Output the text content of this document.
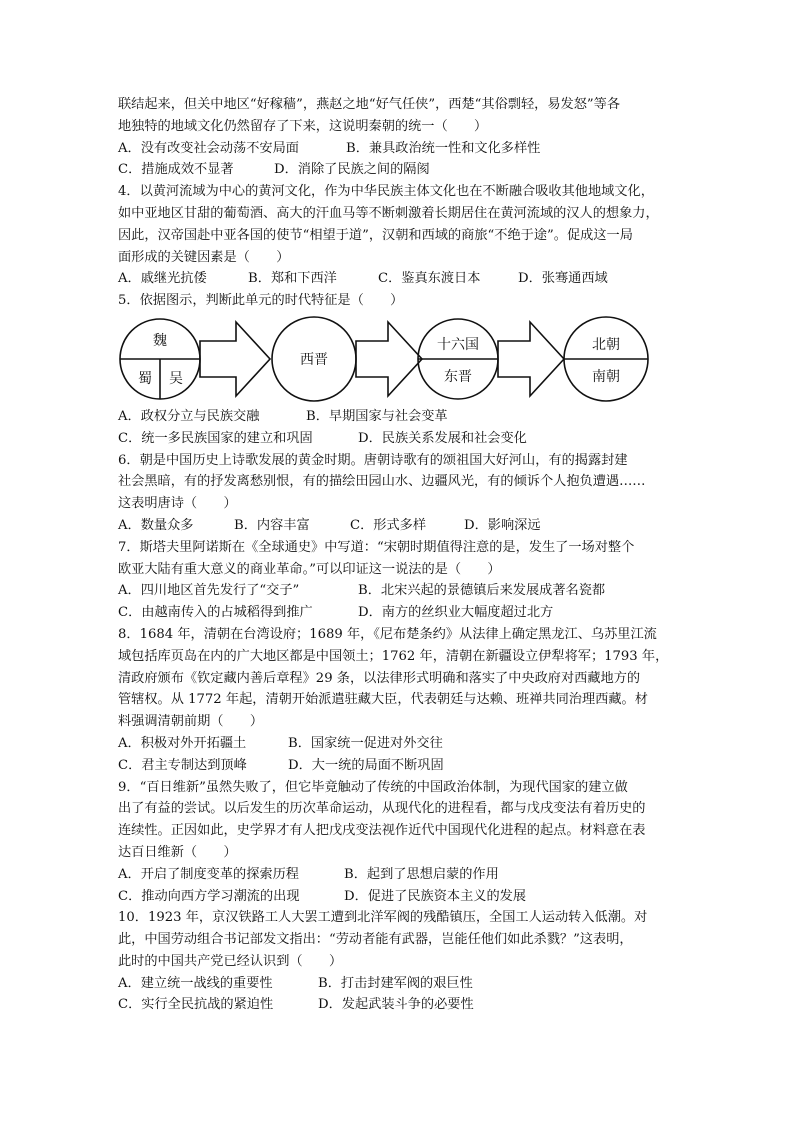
联结起来，但关中地区“好稼穑”，燕赵之地“好气任侠”，西楚“其俗剽轻，易发怒”等各
地独特的地域文化仍然留存了下来，这说明秦朝的统一（　　）
A．没有改变社会动荡不安局面	B．兼具政治统一性和文化多样性
C．措施成效不显著	D．消除了民族之间的隔阂
4．以黄河流域为中心的黄河文化，作为中华民族主体文化也在不断融合吸收其他地域文化，
如中亚地区甘甜的葡萄酒、高大的汗血马等不断刺激着长期居住在黄河流域的汉人的想象力，
因此，汉帝国赴中亚各国的使节“相望于道”，汉朝和西域的商旅“不绝于途”。促成这一局
面形成的关键因素是（　　）
A．戚继光抗倭	B．郑和下西洋	C．鉴真东渡日本	D．张骞通西域
5．依据图示，判断此单元的时代特征是（　　）
魏
蜀 吴
西晋
十六国
东晋
北朝
南朝
A．政权分立与民族交融	B．早期国家与社会变革
C．统一多民族国家的建立和巩固	D．民族关系发展和社会变化
6．朝是中国历史上诗歌发展的黄金时期。唐朝诗歌有的颂祖国大好河山，有的揭露封建
社会黑暗，有的抒发离愁别恨，有的描绘田园山水、边疆风光，有的倾诉个人抱负遭遇……
这表明唐诗（　　）
A．数量众多	B．内容丰富	C．形式多样	D．影响深远
7．斯塔夫里阿诺斯在《全球通史》中写道：“宋朝时期值得注意的是，发生了一场对整个
欧亚大陆有重大意义的商业革命。”可以印证这一说法的是（　　）
A．四川地区首先发行了“交子”	B．北宋兴起的景德镇后来发展成著名瓷都
C．由越南传入的占城稻得到推广	D．南方的丝织业大幅度超过北方
8．1684 年，清朝在台湾设府；1689 年，《尼布楚条约》从法律上确定黑龙江、乌苏里江流
域包括库页岛在内的广大地区都是中国领土；1762 年，清朝在新疆设立伊犁将军；1793 年，
清政府颁布《钦定藏内善后章程》29 条，以法律形式明确和落实了中央政府对西藏地方的
管辖权。从 1772 年起，清朝开始派遣驻藏大臣，代表朝廷与达赖、班禅共同治理西藏。材
料强调清朝前期（　　）
A．积极对外开拓疆土	B．国家统一促进对外交往
C．君主专制达到顶峰	D．大一统的局面不断巩固
9．“百日维新”虽然失败了，但它毕竟触动了传统的中国政治体制，为现代国家的建立做
出了有益的尝试。以后发生的历次革命运动，从现代化的进程看，都与戊戌变法有着历史的
连续性。正因如此，史学界才有人把戊戌变法视作近代中国现代化进程的起点。材料意在表
达百日维新（　　）
A．开启了制度变革的探索历程	B．起到了思想启蒙的作用
C．推动向西方学习潮流的出现	D．促进了民族资本主义的发展
10．1923 年，京汉铁路工人大罢工遭到北洋军阀的残酷镇压，全国工人运动转入低潮。对
此，中国劳动组合书记部发文指出：“劳动者能有武器，岂能任他们如此杀戮？”这表明，
此时的中国共产党已经认识到（　　）
A．建立统一战线的重要性	B．打击封建军阀的艰巨性
C．实行全民抗战的紧迫性	D．发起武装斗争的必要性
